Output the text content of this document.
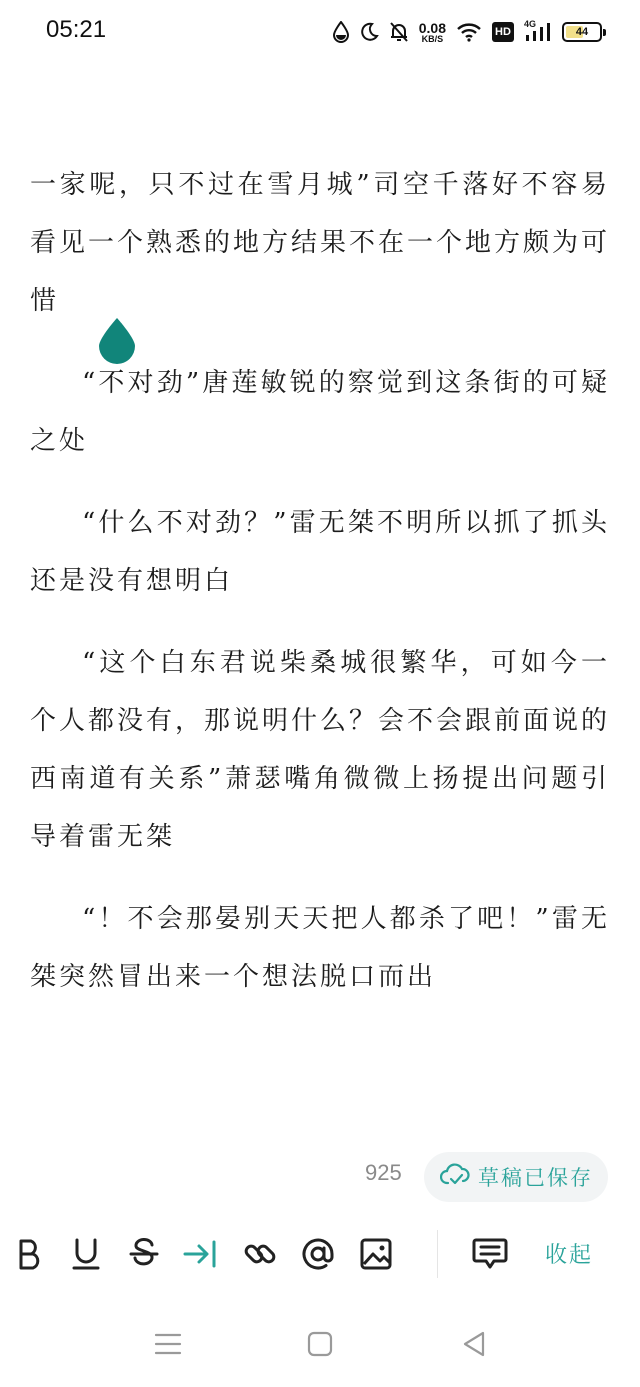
05:21	0.08
KB/S
HD
4G
44

一家呢，只不过在雪月城”司空千落好不容易看见一个熟悉的地方结果不在一个地方颇为可惜

“不对劲”唐莲敏锐的察觉到这条街的可疑之处

“什么不对劲？”雷无桀不明所以抓了抓头还是没有想明白

“这个白东君说柴桑城很繁华，可如今一个人都没有，那说明什么？会不会跟前面说的西南道有关系”萧瑟嘴角微微上扬提出问题引导着雷无桀

“！不会那晏别天天把人都杀了吧！”雷无桀突然冒出来一个想法脱口而出

925	草稿已保存
收起
